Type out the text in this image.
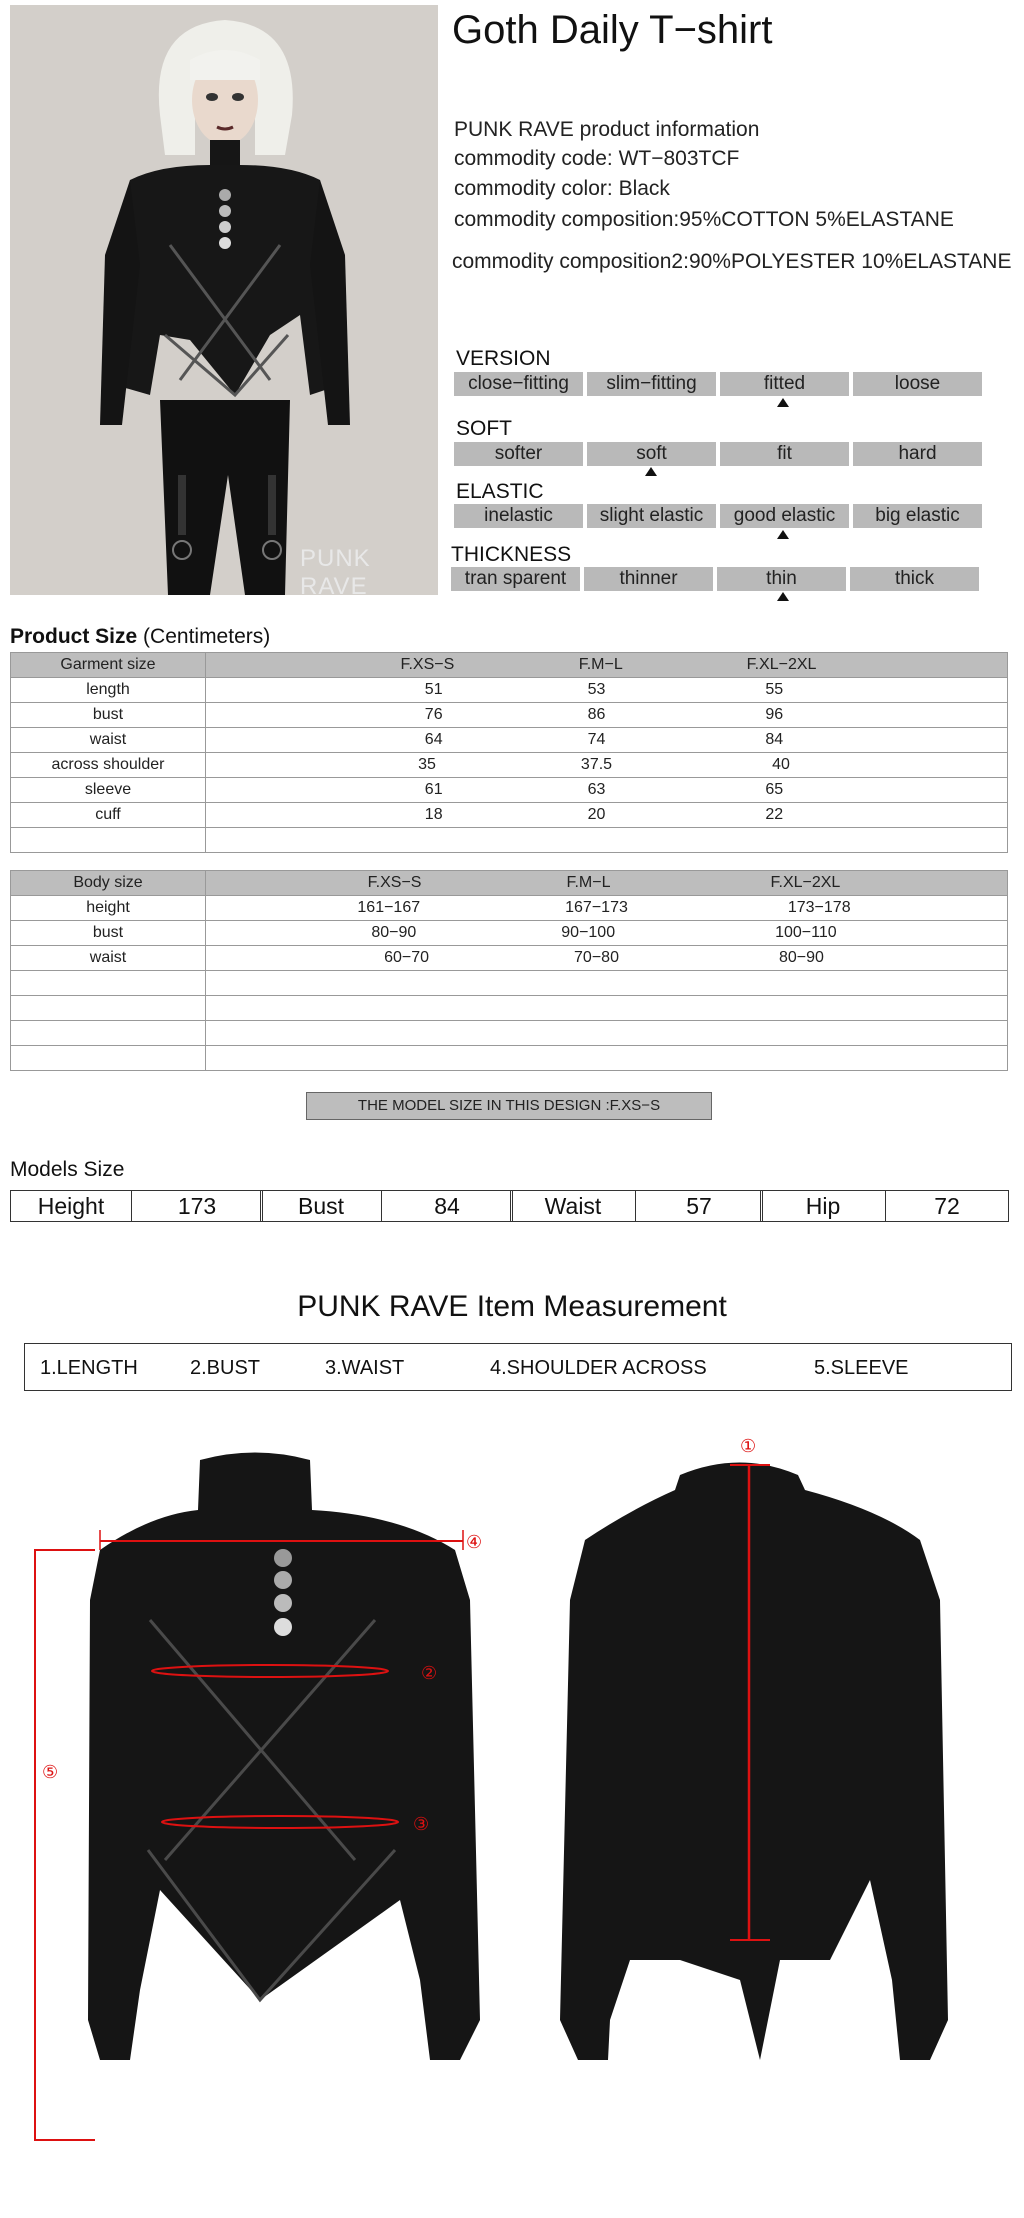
PUNK RAVE
Goth Daily T−shirt
PUNK RAVE product information
commodity code: WT−803TCF
commodity color: Black
commodity composition:95%COTTON 5%ELASTANE
commodity composition2:90%POLYESTER 10%ELASTANE
VERSION
close−fitting	slim−fitting	fitted	loose
SOFT
softer	soft	fit	hard
ELASTIC
inelastic	slight elastic	good elastic	big elastic
THICKNESS
tran sparent	thinner	thin	thick
Product Size (Centimeters)
Garment size	F.XS−S F.M−L F.XL−2XL
length	51 53 55
bust	76 86 96
waist	64 74 84
across shoulder	35 37.5 40
sleeve	61 63 65
cuff	18 20 22

Body size	F.XS−S F.M−L F.XL−2XL
height	161−167 167−173 173−178
bust	80−90 90−100 100−110
waist	60−70 70−80 80−90

THE MODEL SIZE IN THIS DESIGN :F.XS−S
Models Size
Height	173	Bust	84	Waist	57	Hip	72
PUNK RAVE Item Measurement
1.LENGTH	2.BUST	3.WAIST	4.SHOULDER ACROSS	5.SLEEVE
④
②
③
⑤
①
